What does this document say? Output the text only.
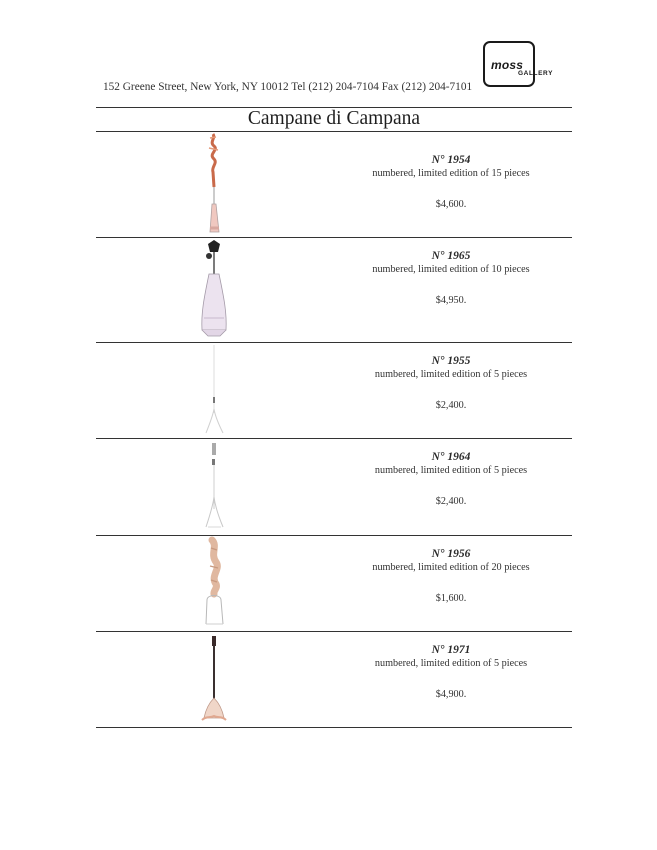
moss
GALLERY
152 Greene Street, New York, NY 10012 Tel (212) 204-7104 Fax (212) 204-7101
Campane di Campana
N° 1954
numbered, limited edition of 15 pieces
$4,600.
N° 1965
numbered, limited edition of 10 pieces
$4,950.
N° 1955
numbered, limited edition of 5 pieces
$2,400.
N° 1964
numbered, limited edition of 5 pieces
$2,400.
N° 1956
numbered, limited edition of 20 pieces
$1,600.
N° 1971
numbered, limited edition of 5 pieces
$4,900.
